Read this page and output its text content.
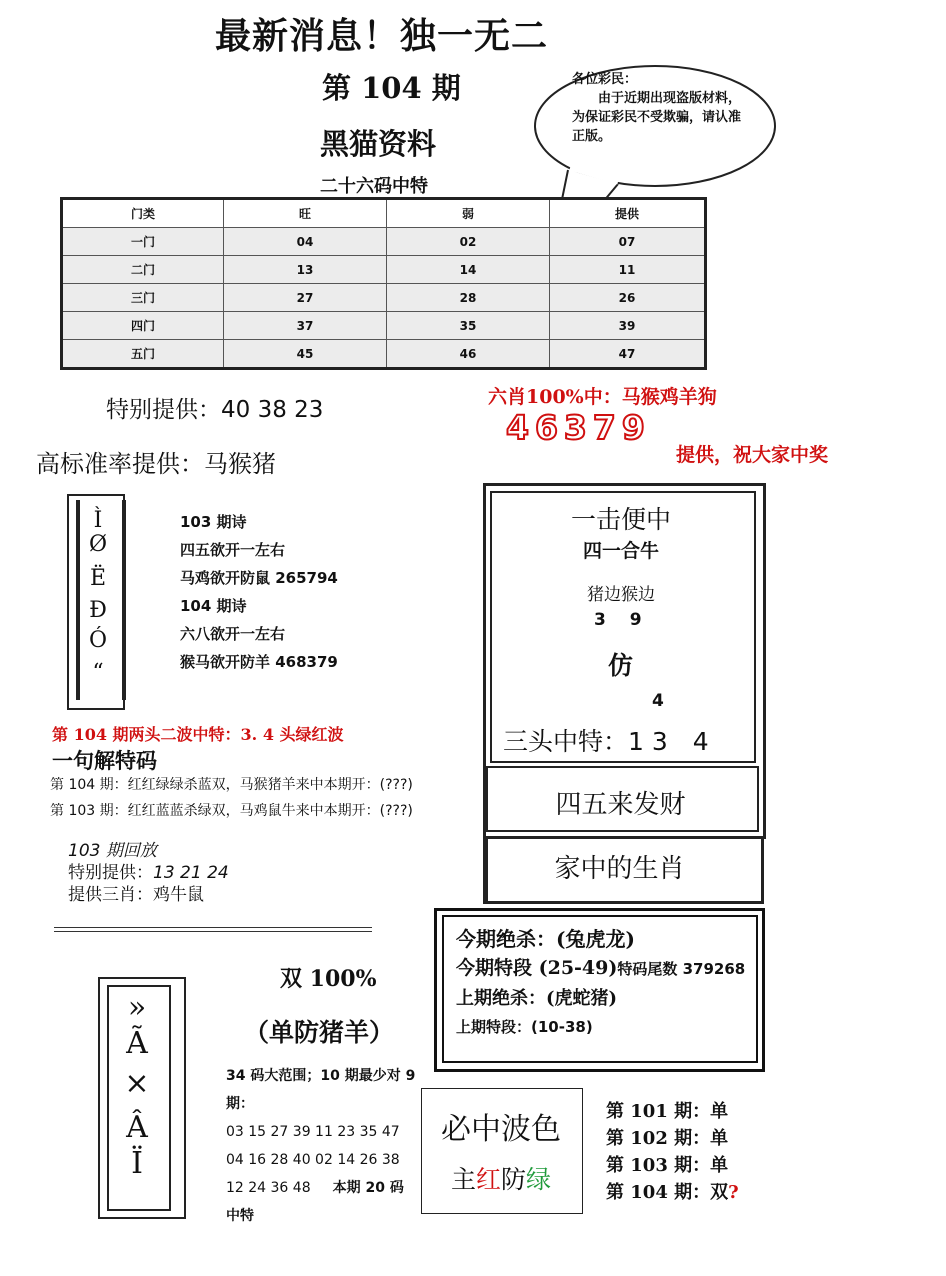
最新消息！独一无二
第 104 期
黑猫资料
二十六码中特
各位彩民：
由于近期出现盗版材料，为保证彩民不受欺骗，请认准正版。
门类	旺	弱	提供
一门	04	02	07
二门	13	14	11
三门	27	28	26
四门	37	35	39
五门	45	46	47
特别提供：40 38 23
高标准率提供：马猴猪
六肖100%中：马猴鸡羊狗
46379
提供，祝大家中奖
Ì
Ø
Ë
Ð
Ó
“
103 期诗
四五欲开一左右
马鸡欲开防鼠 265794
104 期诗
六八欲开一左右
猴马欲开防羊 468379
一击便中
四一合牛
猪边猴边
3 9
仿
4
三头中特：1 3　4
四五来发财
家中的生肖
第 104 期两头二波中特：3. 4 头绿红波
一句解特码
第 104 期：红红绿绿杀蓝双，马猴猪羊来中本期开：(???)
第 103 期：红红蓝蓝杀绿双，马鸡鼠牛来中本期开：(???)
103 期回放
特别提供：13 21 24
提供三肖：鸡牛鼠
今期绝杀：(兔虎龙)
今期特段 (25-49)特码尾数 379268
上期绝杀：(虎蛇猪)
上期特段：(10-38)
»
Ã
×
Â
Ï
双 100%
（单防猪羊）
34 码大范围；10 期最少对 9 期：
03 15 27 39 11 23 35 47
04 16 28 40 02 14 26 38
12 24 36 48 本期 20 码
中特
必中波色
主红防绿
第 101 期：单
第 102 期：单
第 103 期：单
第 104 期：双?
